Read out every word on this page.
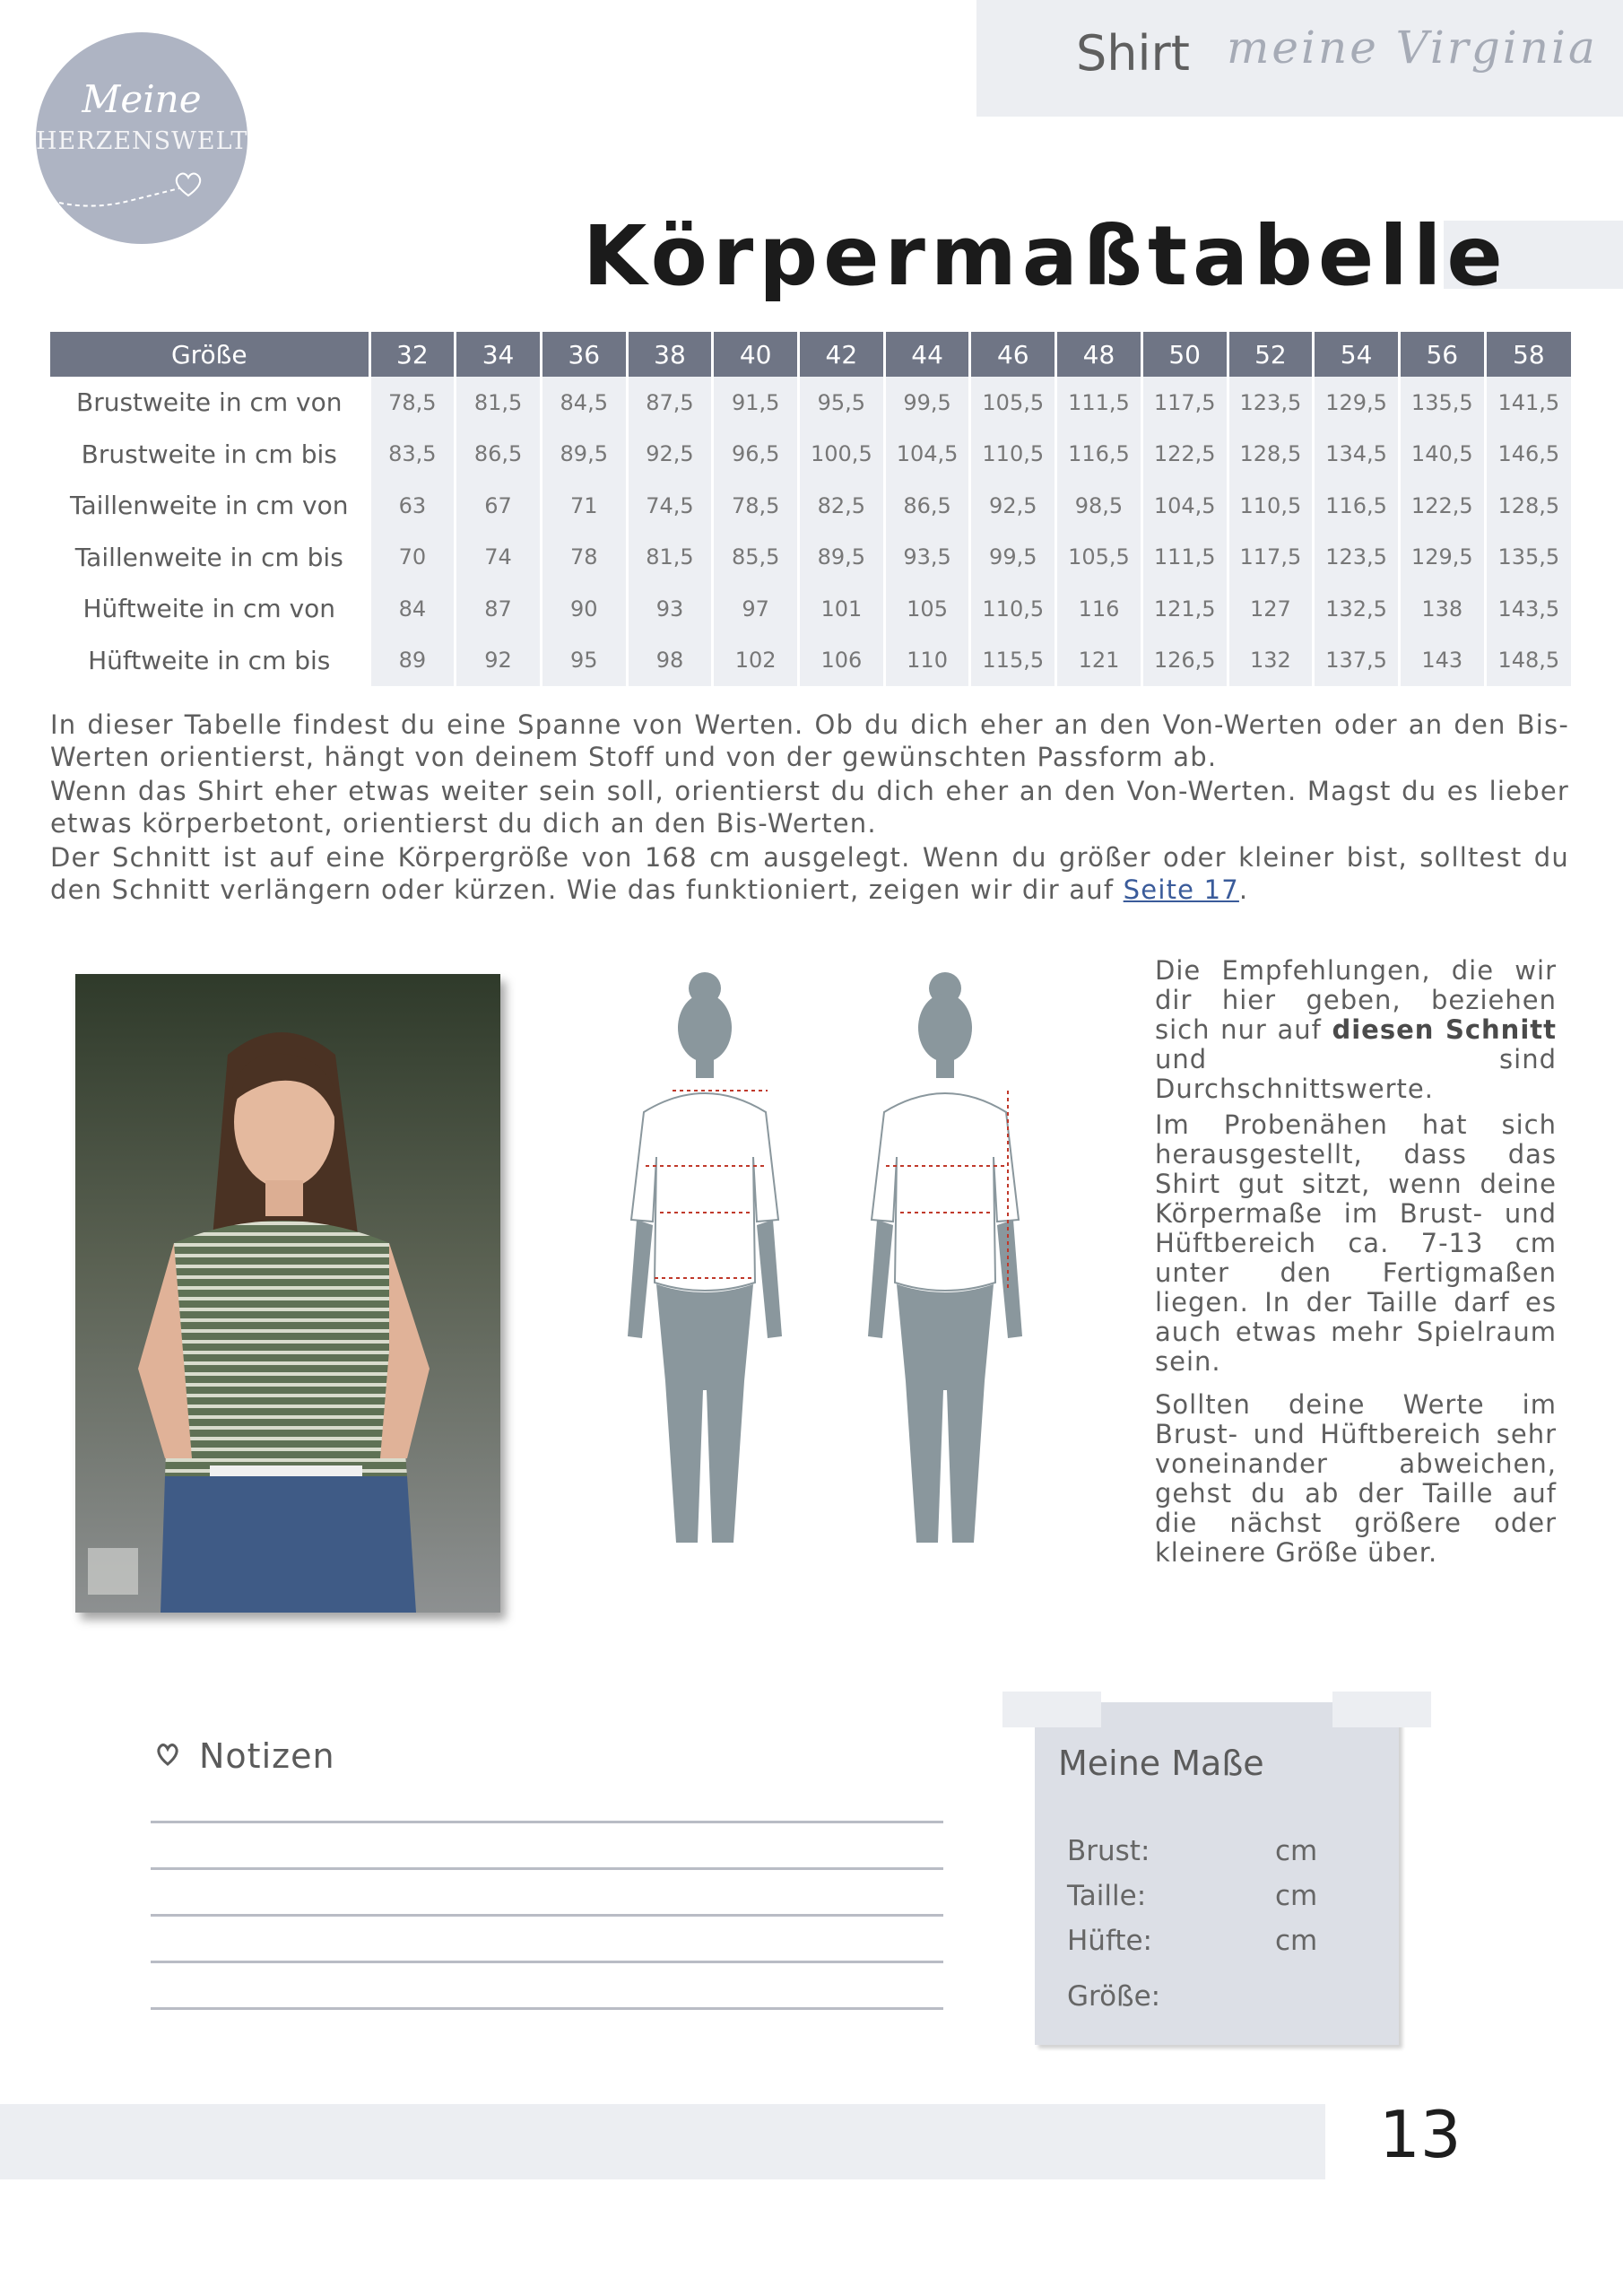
Meine
HERZENSWELT
Shirt meine Virginia
Körpermaßtabelle
Größe	32	34	36	38	40	42	44	46	48	50	52	54	56	58
Brustweite in cm von	78,5	81,5	84,5	87,5	91,5	95,5	99,5	105,5	111,5	117,5	123,5	129,5	135,5	141,5
Brustweite in cm bis	83,5	86,5	89,5	92,5	96,5	100,5	104,5	110,5	116,5	122,5	128,5	134,5	140,5	146,5
Taillenweite in cm von	63	67	71	74,5	78,5	82,5	86,5	92,5	98,5	104,5	110,5	116,5	122,5	128,5
Taillenweite in cm bis	70	74	78	81,5	85,5	89,5	93,5	99,5	105,5	111,5	117,5	123,5	129,5	135,5
Hüftweite in cm von	84	87	90	93	97	101	105	110,5	116	121,5	127	132,5	138	143,5
Hüftweite in cm bis	89	92	95	98	102	106	110	115,5	121	126,5	132	137,5	143	148,5

In dieser Tabelle findest du eine Spanne von Werten. Ob du dich eher an den Von-Werten oder an den Bis-Werten orientierst, hängt von deinem Stoff und von der gewünschten Passform ab.

Wenn das Shirt eher etwas weiter sein soll, orientierst du dich eher an den Von-Werten. Magst du es lieber etwas körperbetont, orientierst du dich an den Bis-Werten.

Der Schnitt ist auf eine Körpergröße von 168 cm ausgelegt. Wenn du größer oder kleiner bist, solltest du den Schnitt verlängern oder kürzen. Wie das funktioniert, zeigen wir dir auf Seite 17.

Die Empfehlungen, die wir dir hier geben, beziehen sich nur auf diesen Schnitt und sind Durchschnittswerte.

Im Probenähen hat sich herausgestellt, dass das Shirt gut sitzt, wenn deine Körpermaße im Brust- und Hüftbereich ca. 7-13 cm unter den Fertigmaßen liegen. In der Taille darf es auch etwas mehr Spielraum sein.

Sollten deine Werte im Brust- und Hüftbereich sehr voneinander abweichen, gehst du ab der Taille auf die nächst größere oder kleinere Größe über.

Notizen	Meine Maße
Brust:	cm
Taille:	cm
Hüfte:	cm
Größe:
13
